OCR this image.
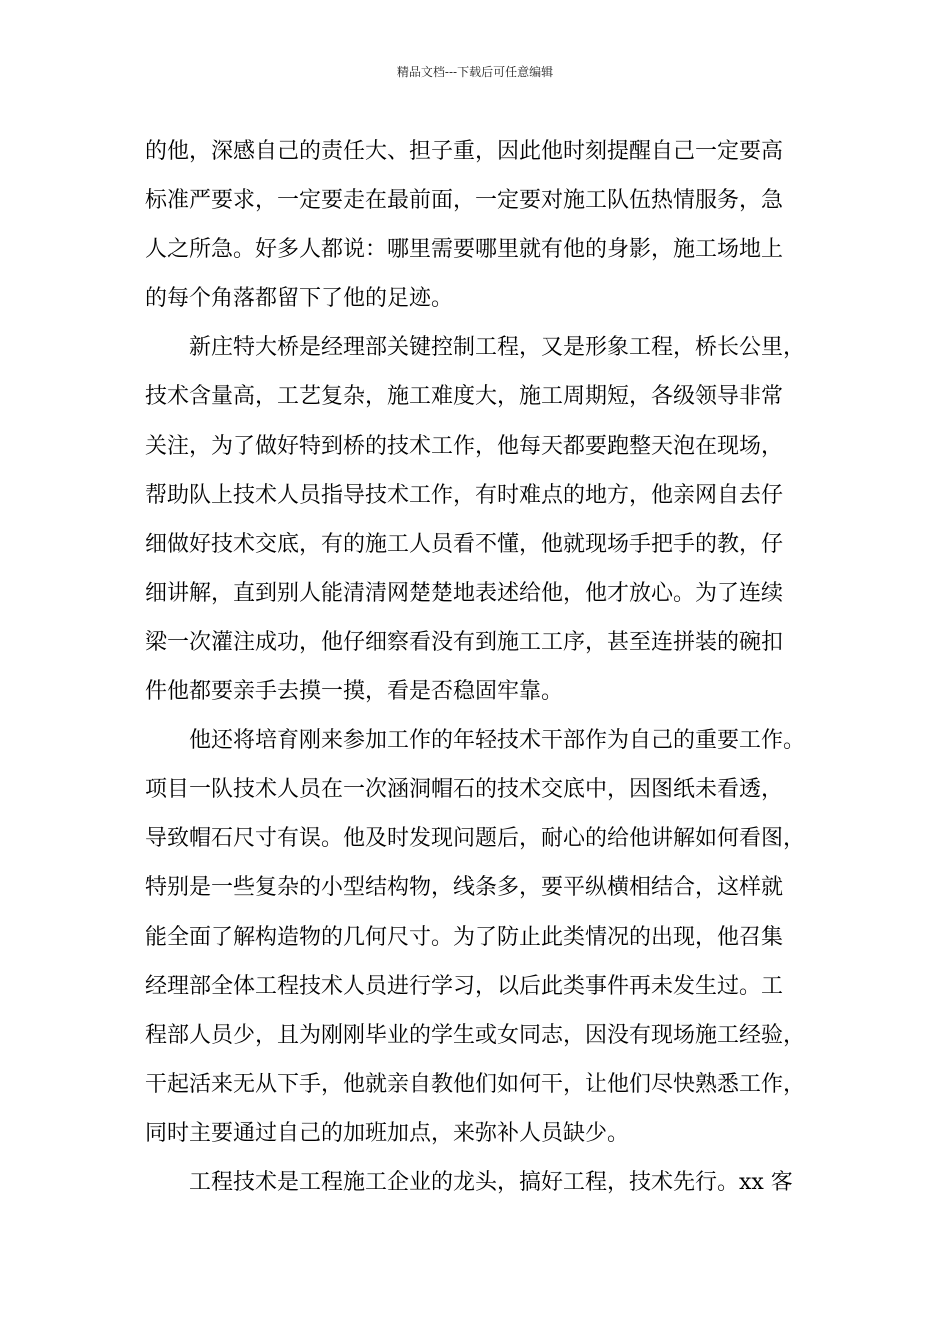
精品文档---下载后可任意编辑
的他，深感自己的责任大、担子重，因此他时刻提醒自己一定要高
标准严要求，一定要走在最前面，一定要对施工队伍热情服务，急
人之所急。好多人都说：哪里需要哪里就有他的身影，施工场地上
的每个角落都留下了他的足迹。
新庄特大桥是经理部关键控制工程，又是形象工程，桥长公里，
技术含量高，工艺复杂，施工难度大，施工周期短，各级领导非常
关注，为了做好特到桥的技术工作，他每天都要跑整天泡在现场，
帮助队上技术人员指导技术工作，有时难点的地方，他亲网自去仔
细做好技术交底，有的施工人员看不懂，他就现场手把手的教，仔
细讲解，直到别人能清清网楚楚地表述给他，他才放心。为了连续
梁一次灌注成功，他仔细察看没有到施工工序，甚至连拼装的碗扣
件他都要亲手去摸一摸，看是否稳固牢靠。
他还将培育刚来参加工作的年轻技术干部作为自己的重要工作。
项目一队技术人员在一次涵洞帽石的技术交底中，因图纸未看透，
导致帽石尺寸有误。他及时发现问题后，耐心的给他讲解如何看图，
特别是一些复杂的小型结构物，线条多，要平纵横相结合，这样就
能全面了解构造物的几何尺寸。为了防止此类情况的出现，他召集
经理部全体工程技术人员进行学习，以后此类事件再未发生过。工
程部人员少，且为刚刚毕业的学生或女同志，因没有现场施工经验，
干起活来无从下手，他就亲自教他们如何干，让他们尽快熟悉工作，
同时主要通过自己的加班加点，来弥补人员缺少。
工程技术是工程施工企业的龙头，搞好工程，技术先行。xx 客
